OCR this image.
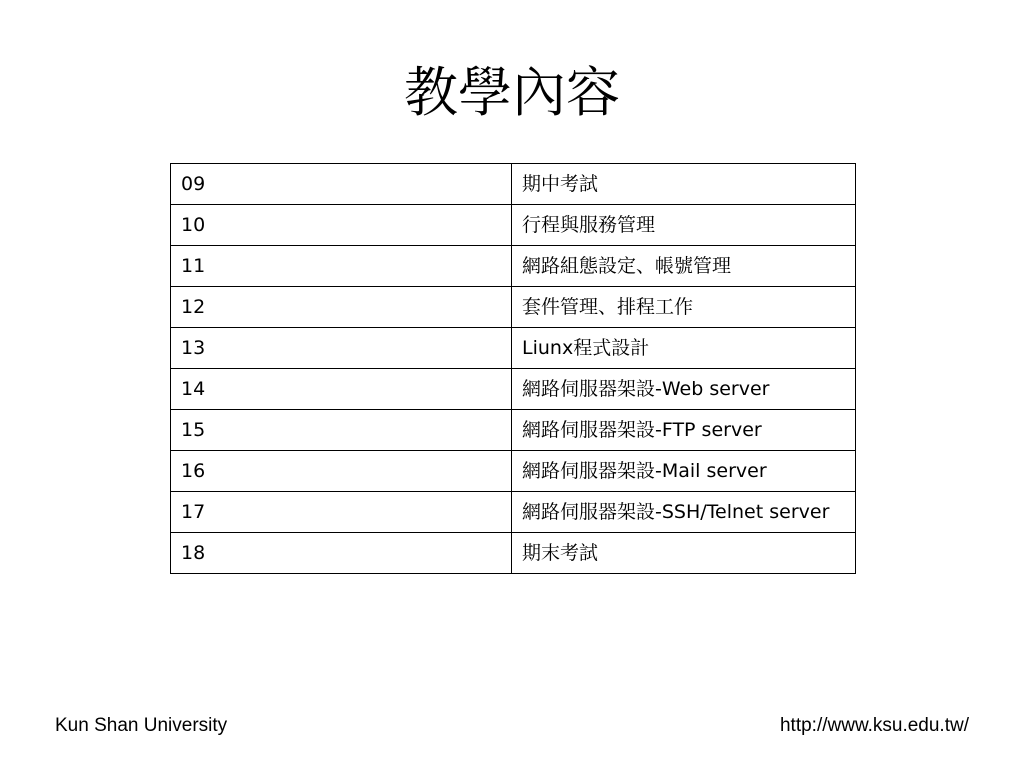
教學內容
09	期中考試
10	行程與服務管理
11	網路組態設定、帳號管理
12	套件管理、排程工作
13	Liunx程式設計
14	網路伺服器架設-Web server
15	網路伺服器架設-FTP server
16	網路伺服器架設-Mail server
17	網路伺服器架設-SSH/Telnet server
18	期末考試
Kun Shan University	http://www.ksu.edu.tw/
